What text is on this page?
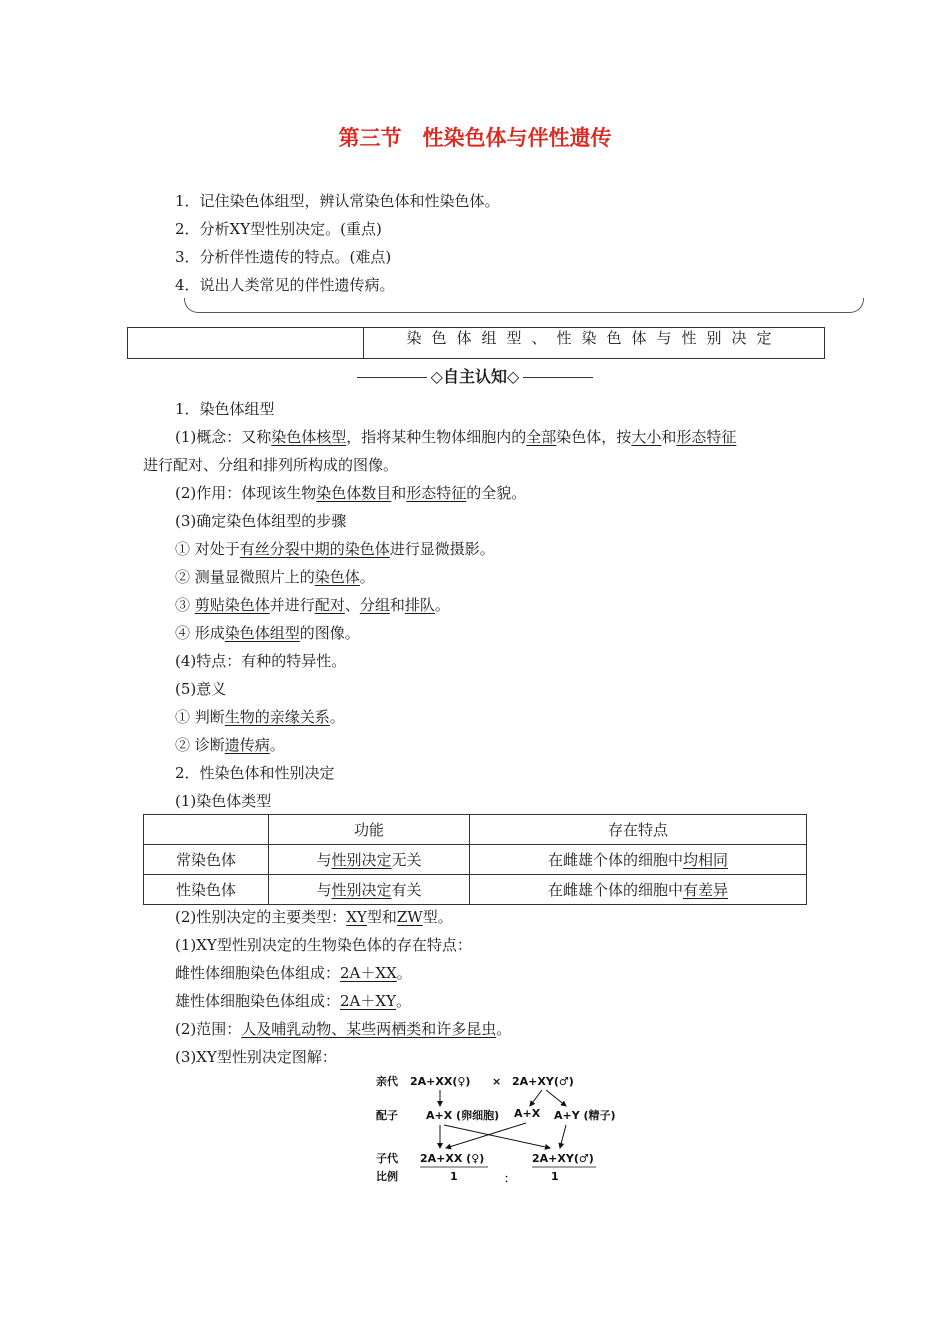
第三节　性染色体与伴性遗传
1．记住染色体组型，辨认常染色体和性染色体。
2．分析XY型性别决定。(重点)
3．分析伴性遗传的特点。(难点)
4．说出人类常见的伴性遗传病。
染色体组型、性染色体与性别决定
◇自主认知◇
1．染色体组型
(1)概念：又称染色体核型，指将某种生物体细胞内的全部染色体，按大小和形态特征
进行配对、分组和排列所构成的图像。
(2)作用：体现该生物染色体数目和形态特征的全貌。
(3)确定染色体组型的步骤
① 对处于有丝分裂中期的染色体进行显微摄影。
② 测量显微照片上的染色体。
③ 剪贴染色体并进行配对、分组和排队。
④ 形成染色体组型的图像。
(4)特点：有种的特异性。
(5)意义
① 判断生物的亲缘关系。
② 诊断遗传病。
2．性染色体和性别决定
(1)染色体类型
	功能	存在特点
常染色体	与性别决定无关	在雌雄个体的细胞中均相同
性染色体	与性别决定有关	在雌雄个体的细胞中有差异
(2)性别决定的主要类型：XY型和ZW型。
(1)XY型性别决定的生物染色体的存在特点：
雌性体细胞染色体组成：2A＋XX。
雄性体细胞染色体组成：2A＋XY。
(2)范围：人及哺乳动物、某些两栖类和许多昆虫。
(3)XY型性别决定图解：
亲代 2A+XX(♀) × 2A+XY(♂)
配子	A+X (卵细胞) A+X A+Y (精子)
子代 2A+XX (♀)	2A+XY(♂)
比例	1	：	1
